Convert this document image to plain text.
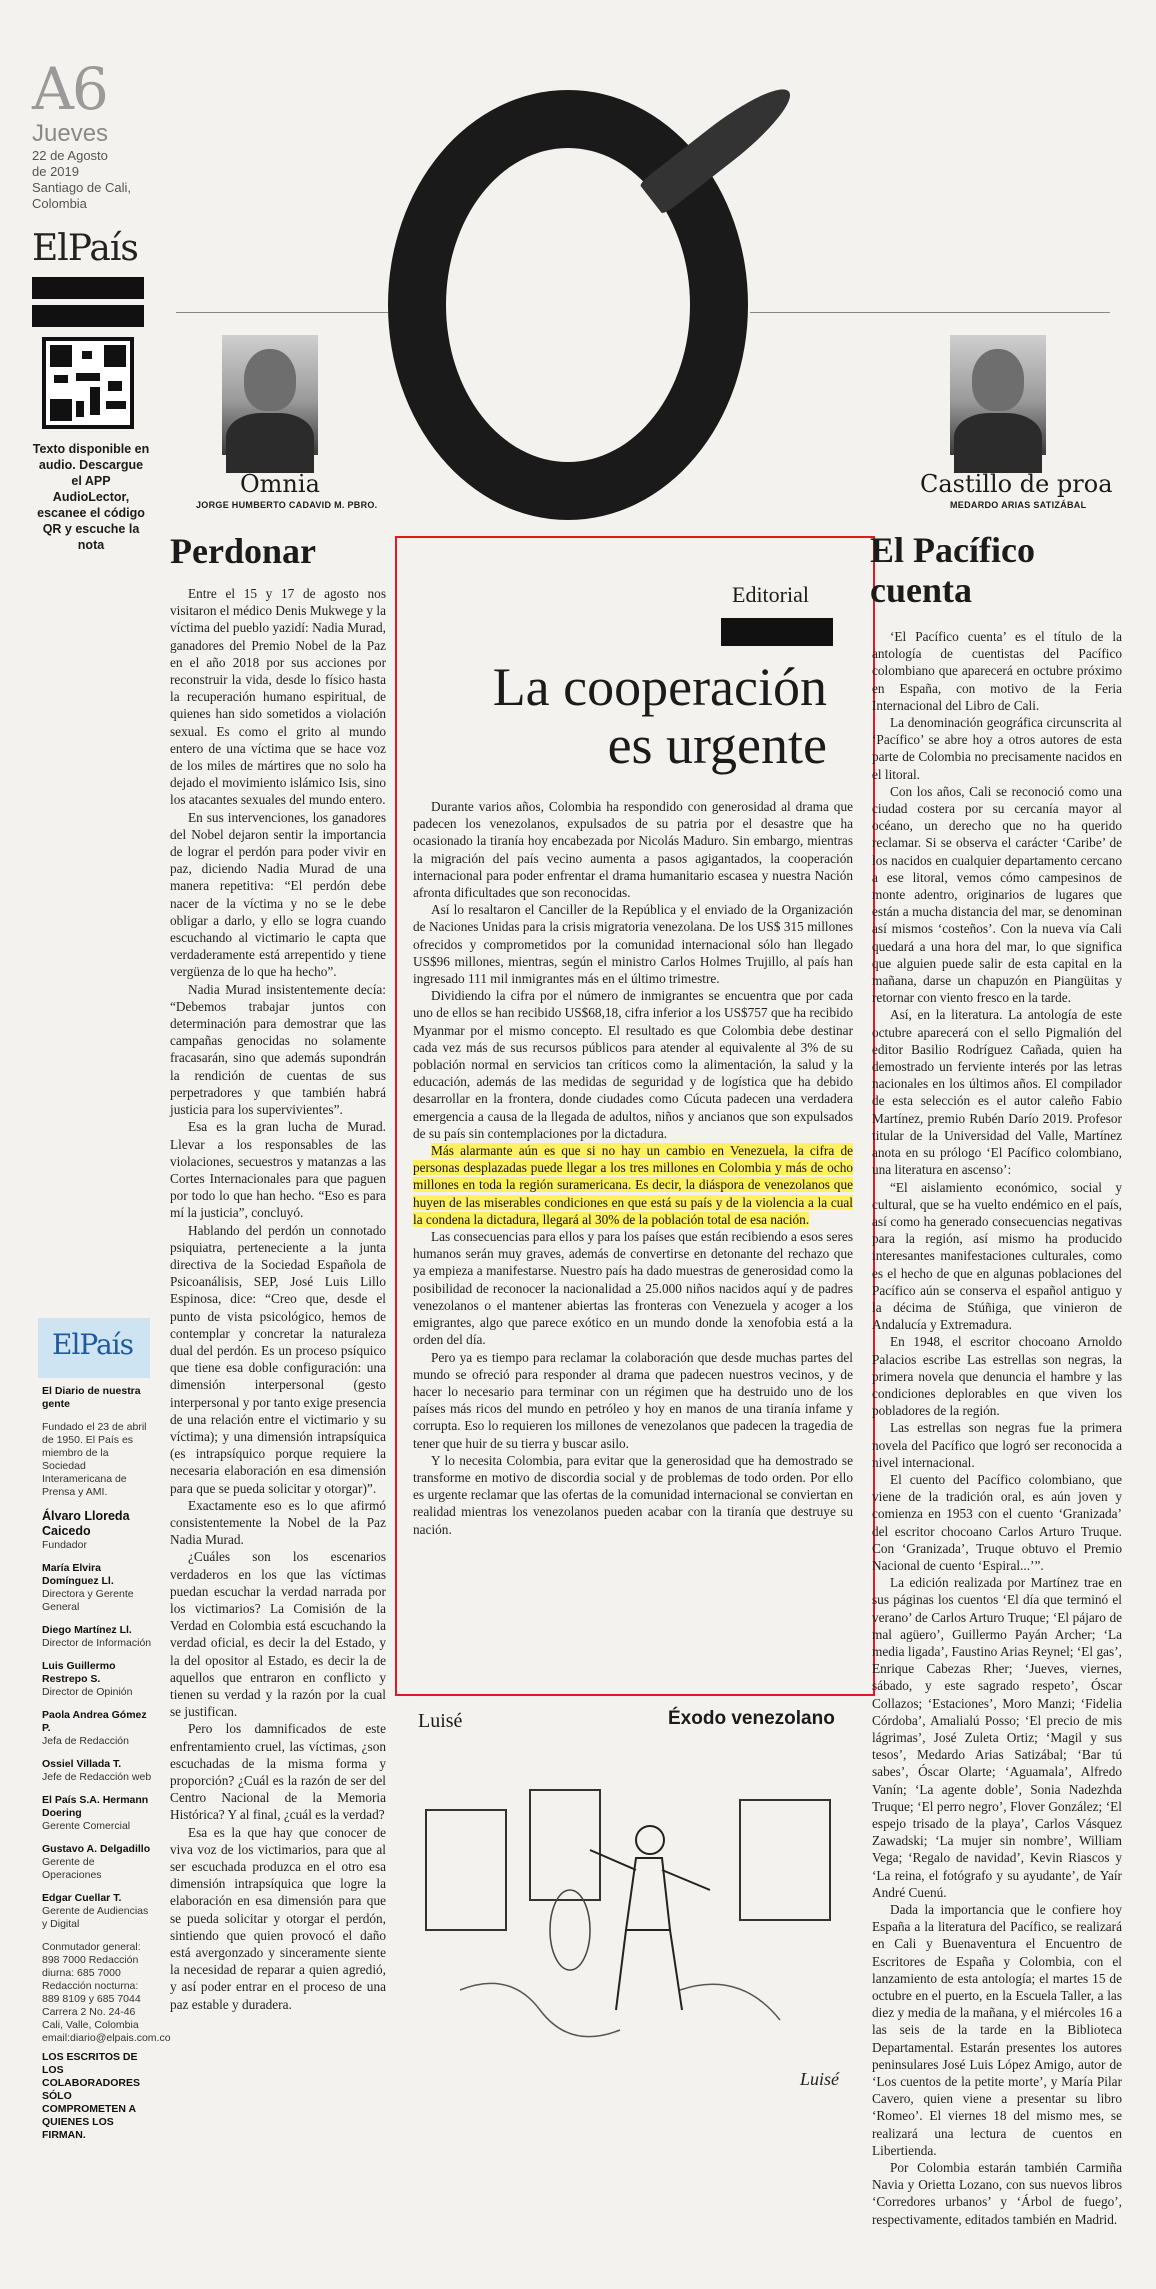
A6
Jueves
22 de Agosto
de 2019
Santiago de Cali,
Colombia
ElPaís
Texto disponible en audio. Descargue el APP AudioLector, escanee el código QR y escuche la nota
Omnia
JORGE HUMBERTO CADAVID M. PBRO.
Castillo de proa
MEDARDO ARIAS SATIZÁBAL
Perdonar

Entre el 15 y 17 de agosto nos visitaron el médico Denis Mukwege y la víctima del pueblo yazidí: Nadia Murad, ganadores del Premio Nobel de la Paz en el año 2018 por sus acciones por reconstruir la vida, desde lo físico hasta la recuperación humano espiritual, de quienes han sido sometidos a violación sexual. Es como el grito al mundo entero de una víctima que se hace voz de los miles de mártires que no solo ha dejado el movimiento islámico Isis, sino los atacantes sexuales del mundo entero.

En sus intervenciones, los ganadores del Nobel dejaron sentir la importancia de lograr el perdón para poder vivir en paz, diciendo Nadia Murad de una manera repetitiva: “El perdón debe nacer de la víctima y no se le debe obligar a darlo, y ello se logra cuando escuchando al victimario le capta que verdaderamente está arrepentido y tiene vergüenza de lo que ha hecho”.

Nadia Murad insistentemente decía: “Debemos trabajar juntos con determinación para demostrar que las campañas genocidas no solamente fracasarán, sino que además supondrán la rendición de cuentas de sus perpetradores y que también habrá justicia para los supervivientes”.

Esa es la gran lucha de Murad. Llevar a los responsables de las violaciones, secuestros y matanzas a las Cortes Internacionales para que paguen por todo lo que han hecho. “Eso es para mí la justicia”, concluyó.

Hablando del perdón un connotado psiquiatra, perteneciente a la junta directiva de la Sociedad Española de Psicoanálisis, SEP, José Luis Lillo Espinosa, dice: “Creo que, desde el punto de vista psicológico, hemos de contemplar y concretar la naturaleza dual del perdón. Es un proceso psíquico que tiene esa doble configuración: una dimensión interpersonal (gesto interpersonal y por tanto exige presencia de una relación entre el victimario y su víctima); y una dimensión intrapsíquica (es intrapsíquico porque requiere la necesaria elaboración en esa dimensión para que se pueda solicitar y otorgar)”.

Exactamente eso es lo que afirmó consistentemente la Nobel de la Paz Nadia Murad.

¿Cuáles son los escenarios verdaderos en los que las víctimas puedan escuchar la verdad narrada por los victimarios? La Comisión de la Verdad en Colombia está escuchando la verdad oficial, es decir la del Estado, y la del opositor al Estado, es decir la de aquellos que entraron en conflicto y tienen su verdad y la razón por la cual se justifican.

Pero los damnificados de este enfrentamiento cruel, las víctimas, ¿son escuchadas de la misma forma y proporción? ¿Cuál es la razón de ser del Centro Nacional de la Memoria Histórica? Y al final, ¿cuál es la verdad?

Esa es la que hay que conocer de viva voz de los victimarios, para que al ser escuchada produzca en el otro esa dimensión intrapsíquica que logre la elaboración en esa dimensión para que se pueda solicitar y otorgar el perdón, sintiendo que quien provocó el daño está avergonzado y sinceramente siente la necesidad de reparar a quien agredió, y así poder entrar en el proceso de una paz estable y duradera.

ElPaís
El Diario de nuestra gente
Fundado el 23 de abril de 1950. El País es miembro de la Sociedad Interamericana de Prensa y AMI.
Álvaro Lloreda Caicedo
Fundador
María Elvira Domínguez Ll.
Directora y Gerente General
Diego Martínez Ll.
Director de Información
Luis Guillermo Restrepo S.
Director de Opinión
Paola Andrea Gómez P.
Jefa de Redacción
Ossiel Villada T.
Jefe de Redacción web
El País S.A. Hermann Doering
Gerente Comercial
Gustavo A. Delgadillo
Gerente de Operaciones
Edgar Cuellar T.
Gerente de Audiencias y Digital
Conmutador general: 898 7000 Redacción diurna: 685 7000 Redacción nocturna: 889 8109 y 685 7044 Carrera 2 No. 24-46 Cali, Valle, Colombia email:diario@elpais.com.co
LOS ESCRITOS DE LOS COLABORADORES SÓLO COMPROMETEN A QUIENES LOS FIRMAN.
Editorial
La cooperación
es urgente

Durante varios años, Colombia ha respondido con generosidad al drama que padecen los venezolanos, expulsados de su patria por el desastre que ha ocasionado la tiranía hoy encabezada por Nicolás Maduro. Sin embargo, mientras la migración del país vecino aumenta a pasos agigantados, la cooperación internacional para poder enfrentar el drama humanitario escasea y nuestra Nación afronta dificultades que son reconocidas.

Así lo resaltaron el Canciller de la República y el enviado de la Organización de Naciones Unidas para la crisis migratoria venezolana. De los US$ 315 millones ofrecidos y comprometidos por la comunidad internacional sólo han llegado US$96 millones, mientras, según el ministro Carlos Holmes Trujillo, al país han ingresado 111 mil inmigrantes más en el último trimestre.

Dividiendo la cifra por el número de inmigrantes se encuentra que por cada uno de ellos se han recibido US$68,18, cifra inferior a los US$757 que ha recibido Myanmar por el mismo concepto. El resultado es que Colombia debe destinar cada vez más de sus recursos públicos para atender al equivalente al 3% de su población normal en servicios tan críticos como la alimentación, la salud y la educación, además de las medidas de seguridad y de logística que ha debido desarrollar en la frontera, donde ciudades como Cúcuta padecen una verdadera emergencia a causa de la llegada de adultos, niños y ancianos que son expulsados de su país sin contemplaciones por la dictadura.

Más alarmante aún es que si no hay un cambio en Venezuela, la cifra de personas desplazadas puede llegar a los tres millones en Colombia y más de ocho millones en toda la región suramericana. Es decir, la diáspora de venezolanos que huyen de las miserables condiciones en que está su país y de la violencia a la cual la condena la dictadura, llegará al 30% de la población total de esa nación.

Las consecuencias para ellos y para los países que están recibiendo a esos seres humanos serán muy graves, además de convertirse en detonante del rechazo que ya empieza a manifestarse. Nuestro país ha dado muestras de generosidad como la posibilidad de reconocer la nacionalidad a 25.000 niños nacidos aquí y de padres venezolanos o el mantener abiertas las fronteras con Venezuela y acoger a los emigrantes, algo que parece exótico en un mundo donde la xenofobia está a la orden del día.

Pero ya es tiempo para reclamar la colaboración que desde muchas partes del mundo se ofreció para responder al drama que padecen nuestros vecinos, y de hacer lo necesario para terminar con un régimen que ha destruido uno de los países más ricos del mundo en petróleo y hoy en manos de una tiranía infame y corrupta. Eso lo requieren los millones de venezolanos que padecen la tragedia de tener que huir de su tierra y buscar asilo.

Y lo necesita Colombia, para evitar que la generosidad que ha demostrado se transforme en motivo de discordia social y de problemas de todo orden. Por ello es urgente reclamar que las ofertas de la comunidad internacional se conviertan en realidad mientras los venezolanos pueden acabar con la tiranía que destruye su nación.

Luisé	Éxodo venezolano
Luisé
El Pacífico
cuenta

‘El Pacífico cuenta’ es el título de la antología de cuentistas del Pacífico colombiano que aparecerá en octubre próximo en España, con motivo de la Feria Internacional del Libro de Cali.

La denominación geográfica circunscrita al ‘Pacífico’ se abre hoy a otros autores de esta parte de Colombia no precisamente nacidos en el litoral.

Con los años, Cali se reconoció como una ciudad costera por su cercanía mayor al océano, un derecho que no ha querido reclamar. Si se observa el carácter ‘Caribe’ de los nacidos en cualquier departamento cercano a ese litoral, vemos cómo campesinos de monte adentro, originarios de lugares que están a mucha distancia del mar, se denominan así mismos ‘costeños’. Con la nueva vía Cali quedará a una hora del mar, lo que significa que alguien puede salir de esta capital en la mañana, darse un chapuzón en Piangüitas y retornar con viento fresco en la tarde.

Así, en la literatura. La antología de este octubre aparecerá con el sello Pigmalión del editor Basilio Rodríguez Cañada, quien ha demostrado un ferviente interés por las letras nacionales en los últimos años. El compilador de esta selección es el autor caleño Fabio Martínez, premio Rubén Darío 2019. Profesor titular de la Universidad del Valle, Martínez anota en su prólogo ‘El Pacífico colombiano, una literatura en ascenso’:

“El aislamiento económico, social y cultural, que se ha vuelto endémico en el país, así como ha generado consecuencias negativas para la región, así mismo ha producido interesantes manifestaciones culturales, como es el hecho de que en algunas poblaciones del Pacífico aún se conserva el español antiguo y la décima de Stúñiga, que vinieron de Andalucía y Extremadura.

En 1948, el escritor chocoano Arnoldo Palacios escribe Las estrellas son negras, la primera novela que denuncia el hambre y las condiciones deplorables en que viven los pobladores de la región.

Las estrellas son negras fue la primera novela del Pacífico que logró ser reconocida a nivel internacional.

El cuento del Pacífico colombiano, que viene de la tradición oral, es aún joven y comienza en 1953 con el cuento ‘Granizada’ del escritor chocoano Carlos Arturo Truque. Con ‘Granizada’, Truque obtuvo el Premio Nacional de cuento ‘Espiral...’”.

La edición realizada por Martínez trae en sus páginas los cuentos ‘El día que terminó el verano’ de Carlos Arturo Truque; ‘El pájaro de mal agüero’, Guillermo Payán Archer; ‘La media ligada’, Faustino Arias Reynel; ‘El gas’, Enrique Cabezas Rher; ‘Jueves, viernes, sábado, y este sagrado respeto’, Óscar Collazos; ‘Estaciones’, Moro Manzi; ‘Fidelia Córdoba’, Amalialú Posso; ‘El precio de mis lágrimas’, José Zuleta Ortiz; ‘Magil y sus tesos’, Medardo Arias Satizábal; ‘Bar tú sabes’, Óscar Olarte; ‘Aguamala’, Alfredo Vanín; ‘La agente doble’, Sonia Nadezhda Truque; ‘El perro negro’, Flover González; ‘El espejo trisado de la playa’, Carlos Vásquez Zawadski; ‘La mujer sin nombre’, William Vega; ‘Regalo de navidad’, Kevin Riascos y ‘La reina, el fotógrafo y su ayudante’, de Yaír André Cuenú.

Dada la importancia que le confiere hoy España a la literatura del Pacífico, se realizará en Cali y Buenaventura el Encuentro de Escritores de España y Colombia, con el lanzamiento de esta antología; el martes 15 de octubre en el puerto, en la Escuela Taller, a las diez y media de la mañana, y el miércoles 16 a las seis de la tarde en la Biblioteca Departamental. Estarán presentes los autores peninsulares José Luis López Amigo, autor de ‘Los cuentos de la petite morte’, y María Pilar Cavero, quien viene a presentar su libro ‘Romeo’. El viernes 18 del mismo mes, se realizará una lectura de cuentos en Libertienda.

Por Colombia estarán también Carmiña Navia y Orietta Lozano, con sus nuevos libros ‘Corredores urbanos’ y ‘Árbol de fuego’, respectivamente, editados también en Madrid.
